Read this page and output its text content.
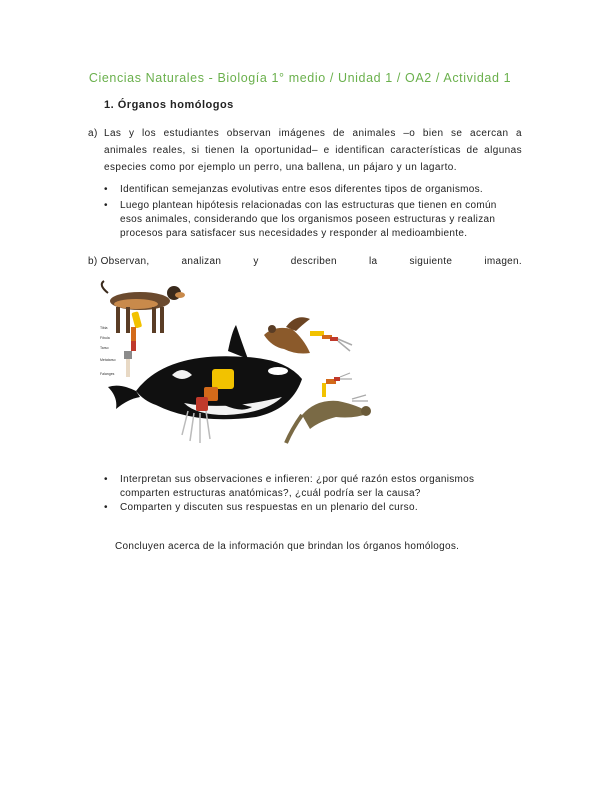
Ciencias Naturales - Biología 1° medio / Unidad 1 / OA2 / Actividad 1
1. Órganos homólogos
a) Las y los estudiantes observan imágenes de animales –o bien se acercan a
animales reales, si tienen la oportunidad– e identifican características de algunas
especies como por ejemplo un perro, una ballena, un pájaro y un lagarto.
• Identifican semejanzas evolutivas entre esos diferentes tipos de organismos.
• Luego plantean hipótesis relacionadas con las estructuras que tienen en común
esos animales, considerando que los organismos poseen estructuras y realizan
procesos para satisfacer sus necesidades y responder al medioambiente.
b) Observan,	analizan	y	describen	la	siguiente	imagen.
Tibia
Fíbula
Tarso
Metatarso
Falanges
• Interpretan sus observaciones e infieren: ¿por qué razón estos organismos
comparten estructuras anatómicas?, ¿cuál podría ser la causa?
• Comparten y discuten sus respuestas en un plenario del curso.
Concluyen acerca de la información que brindan los órganos homólogos.
